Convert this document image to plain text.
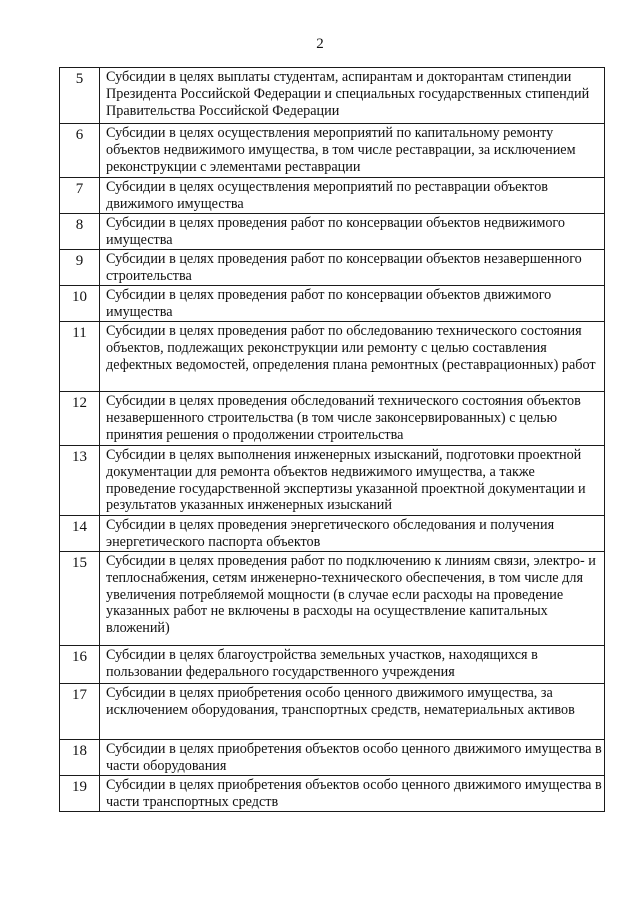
2
5	Субсидии в целях выплаты студентам, аспирантам и докторантам стипендии Президента Российской Федерации и специальных государственных стипендий Правительства Российской Федерации
6	Субсидии в целях осуществления мероприятий по капитальному ремонту объектов недвижимого имущества, в том числе реставрации, за исключением реконструкции с элементами реставрации
7	Субсидии в целях осуществления мероприятий по реставрации объектов движимого имущества
8	Субсидии в целях проведения работ по консервации объектов недвижимого имущества
9	Субсидии в целях проведения работ по консервации объектов незавершенного строительства
10	Субсидии в целях проведения работ по консервации объектов движимого имущества
11	Субсидии в целях проведения работ по обследованию технического состояния объектов, подлежащих реконструкции или ремонту с целью составления дефектных ведомостей, определения плана ремонтных (реставрационных) работ
12	Субсидии в целях проведения обследований технического состояния объектов незавершенного строительства (в том числе законсервированных) с целью принятия решения о продолжении строительства
13	Субсидии в целях выполнения инженерных изысканий, подготовки проектной документации для ремонта объектов недвижимого имущества, а также проведение государственной экспертизы указанной проектной документации и результатов указанных инженерных изысканий
14	Субсидии в целях проведения энергетического обследования и получения энергетического паспорта объектов
15	Субсидии в целях проведения работ по подключению к линиям связи, электро- и теплоснабжения, сетям инженерно-технического обеспечения, в том числе для увеличения потребляемой мощности (в случае если расходы на проведение указанных работ не включены в расходы на осуществление капитальных вложений)
16	Субсидии в целях благоустройства земельных участков, находящихся в пользовании федерального государственного учреждения
17	Субсидии в целях приобретения особо ценного движимого имущества, за исключением оборудования, транспортных средств, нематериальных активов
18	Субсидии в целях приобретения объектов особо ценного движимого имущества в части оборудования
19	Субсидии в целях приобретения объектов особо ценного движимого имущества в части транспортных средств
